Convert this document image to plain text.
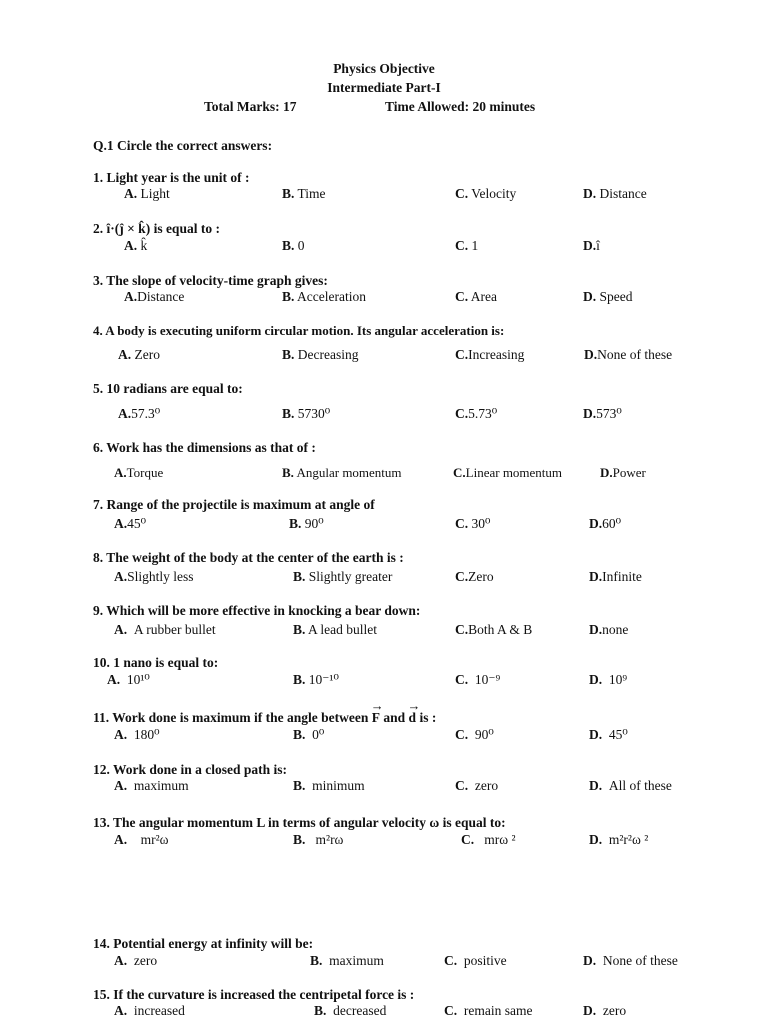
Physics Objective
Intermediate Part-I
Total Marks: 17	Time Allowed: 20 minutes
Q.1 Circle the correct answers:
1. Light year is the unit of :
A. Light	B. Time	C. Velocity	D. Distance
2. î·(ĵ × k̂) is equal to :
A. k̂	B. 0	C. 1	D.î
3. The slope of velocity-time graph gives:
A.Distance	B. Acceleration	C. Area	D. Speed
4. A body is executing uniform circular motion. Its angular acceleration is:
A. Zero	B. Decreasing	C.Increasing	D.None of these
5. 10 radians are equal to:
A.57.3⁰	B. 5730⁰	C.5.73⁰	D.573⁰
6. Work has the dimensions as that of :
A.Torque	B. Angular momentum	C.Linear momentum	D.Power
7. Range of the projectile is maximum at angle of
A.45⁰	B. 90⁰	C. 30⁰	D.60⁰
8. The weight of the body at the center of the earth is :
A.Slightly less	B. Slightly greater	C.Zero	D.Infinite
9. Which will be more effective in knocking a bear down:
A. A rubber bullet	B. A lead bullet	C.Both A & B	D.none
10. 1 nano is equal to:
A. 10¹⁰	B. 10⁻¹⁰	C. 10⁻⁹	D. 10⁹
11. Work done is maximum if the angle between
→
F and
→
d is :
A. 180⁰	B. 0⁰	C. 90⁰	D. 45⁰
12. Work done in a closed path is:
A. maximum	B. minimum	C. zero	D. All of these
13. The angular momentum L in terms of angular velocity ω is equal to:
A. mr²ω	B. m²rω	C. mrω ²	D. m²r²ω ²
14. Potential energy at infinity will be:
A. zero	B. maximum	C. positive	D. None of these
15. If the curvature is increased the centripetal force is :
A. increased	B. decreased	C. remain same	D. zero
